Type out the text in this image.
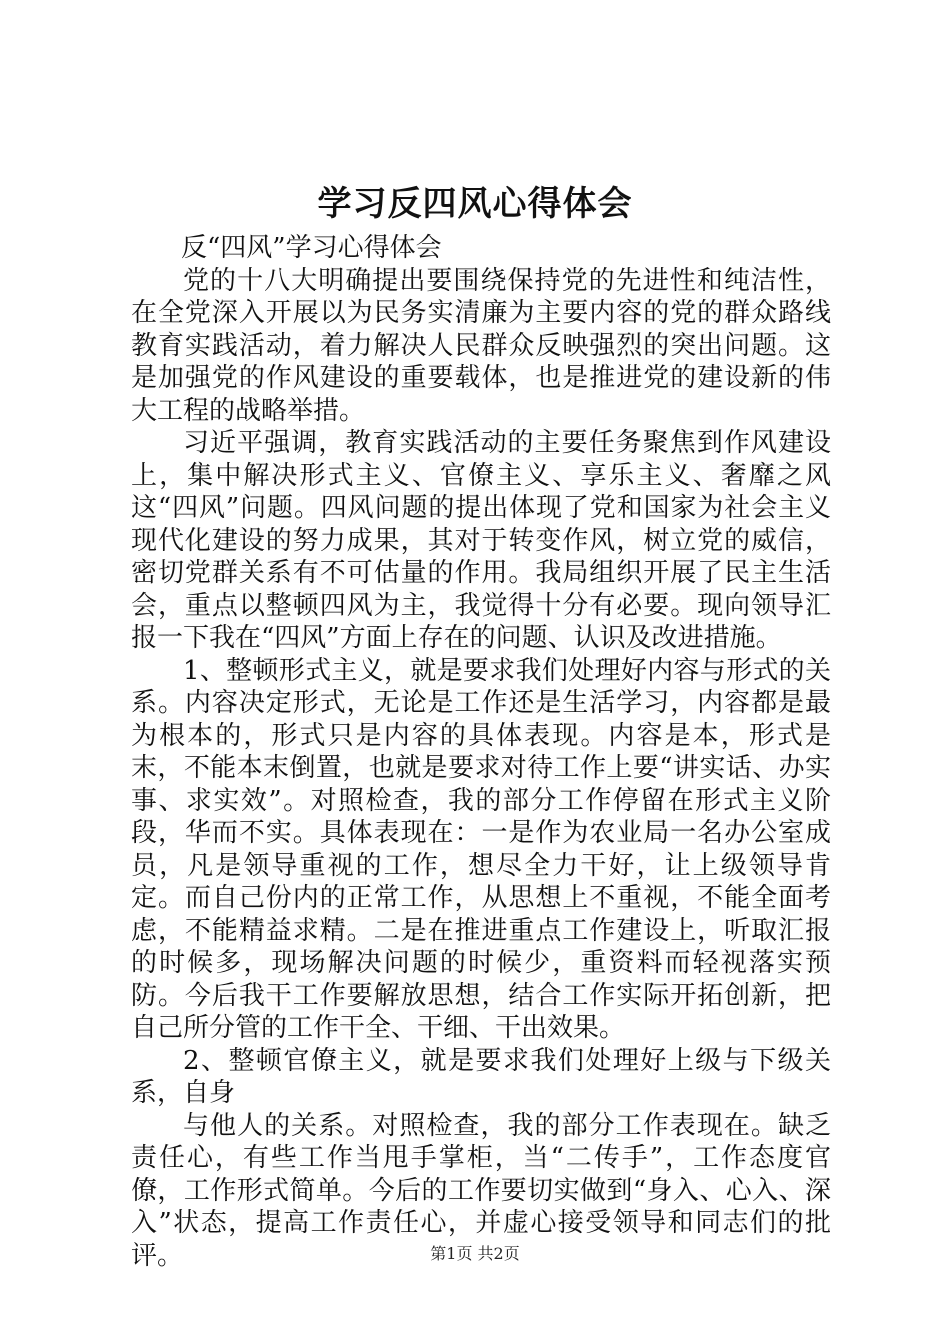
学习反四风心得体会

反“四风”学习心得体会

党的十八大明确提出要围绕保持党的先进性和纯洁性，在全党深入开展以为民务实清廉为主要内容的党的群众路线教育实践活动，着力解决人民群众反映强烈的突出问题。这是加强党的作风建设的重要载体，也是推进党的建设新的伟大工程的战略举措。

习近平强调，教育实践活动的主要任务聚焦到作风建设上，集中解决形式主义、官僚主义、享乐主义、奢靡之风这“四风”问题。四风问题的提出体现了党和国家为社会主义现代化建设的努力成果，其对于转变作风，树立党的威信，密切党群关系有不可估量的作用。我局组织开展了民主生活会，重点以整顿四风为主，我觉得十分有必要。现向领导汇报一下我在“四风”方面上存在的问题、认识及改进措施。

1、整顿形式主义，就是要求我们处理好内容与形式的关系。内容决定形式，无论是工作还是生活学习，内容都是最为根本的，形式只是内容的具体表现。内容是本，形式是末，不能本末倒置，也就是要求对待工作上要“讲实话、办实事、求实效”。对照检查，我的部分工作停留在形式主义阶段，华而不实。具体表现在：一是作为农业局一名办公室成员，凡是领导重视的工作，想尽全力干好，让上级领导肯定。而自己份内的正常工作，从思想上不重视，不能全面考虑，不能精益求精。二是在推进重点工作建设上，听取汇报的时候多，现场解决问题的时候少，重资料而轻视落实预防。今后我干工作要解放思想，结合工作实际开拓创新，把自己所分管的工作干全、干细、干出效果。

2、整顿官僚主义，就是要求我们处理好上级与下级关系，自身

与他人的关系。对照检查，我的部分工作表现在。缺乏责任心，有些工作当甩手掌柜，当“二传手”，工作态度官僚，工作形式简单。今后的工作要切实做到“身入、心入、深入”状态，提高工作责任心，并虚心接受领导和同志们的批评。	第1页 共2页
